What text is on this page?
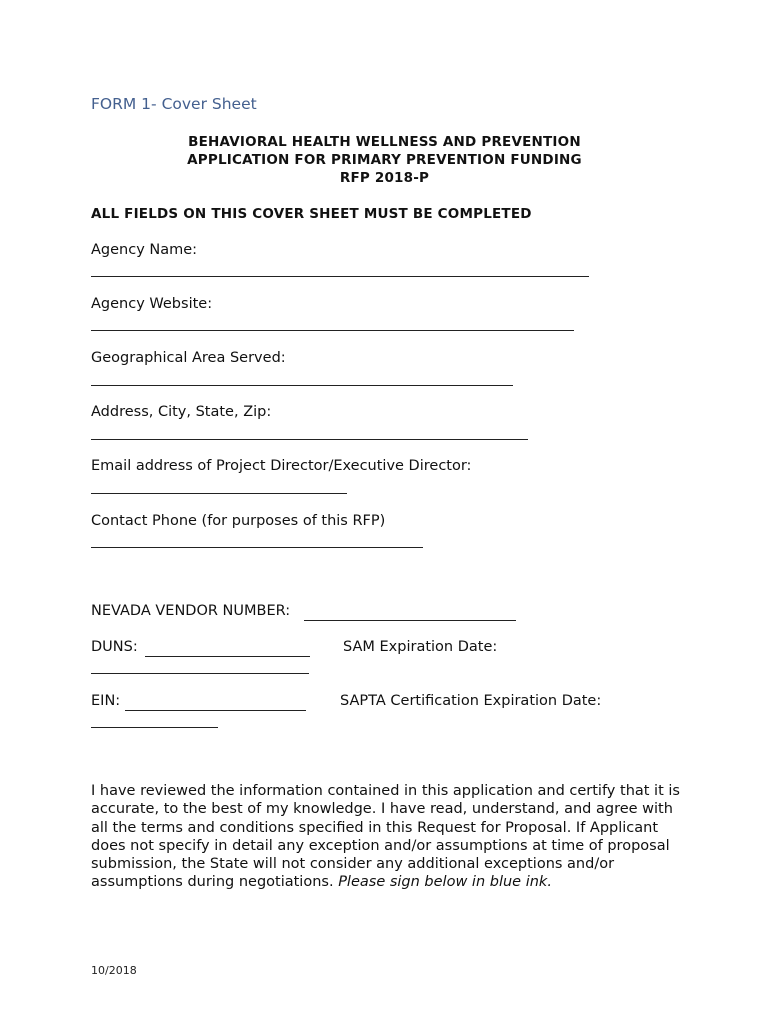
FORM 1- Cover Sheet
BEHAVIORAL HEALTH WELLNESS AND PREVENTION
APPLICATION FOR PRIMARY PREVENTION FUNDING
RFP 2018-P
ALL FIELDS ON THIS COVER SHEET MUST BE COMPLETED
Agency Name:
Agency Website:
Geographical Area Served:
Address, City, State, Zip:
Email address of Project Director/Executive Director:
Contact Phone (for purposes of this RFP)
NEVADA VENDOR NUMBER:
DUNS:	SAM Expiration Date:
EIN:	SAPTA Certification Expiration Date:
I have reviewed the information contained in this application and certify that it is accurate, to the best of my knowledge. I have read, understand, and agree with all the terms and conditions specified in this Request for Proposal. If Applicant does not specify in detail any exception and/or assumptions at time of proposal submission, the State will not consider any additional exceptions and/or assumptions during negotiations. Please sign below in blue ink.
10/2018
